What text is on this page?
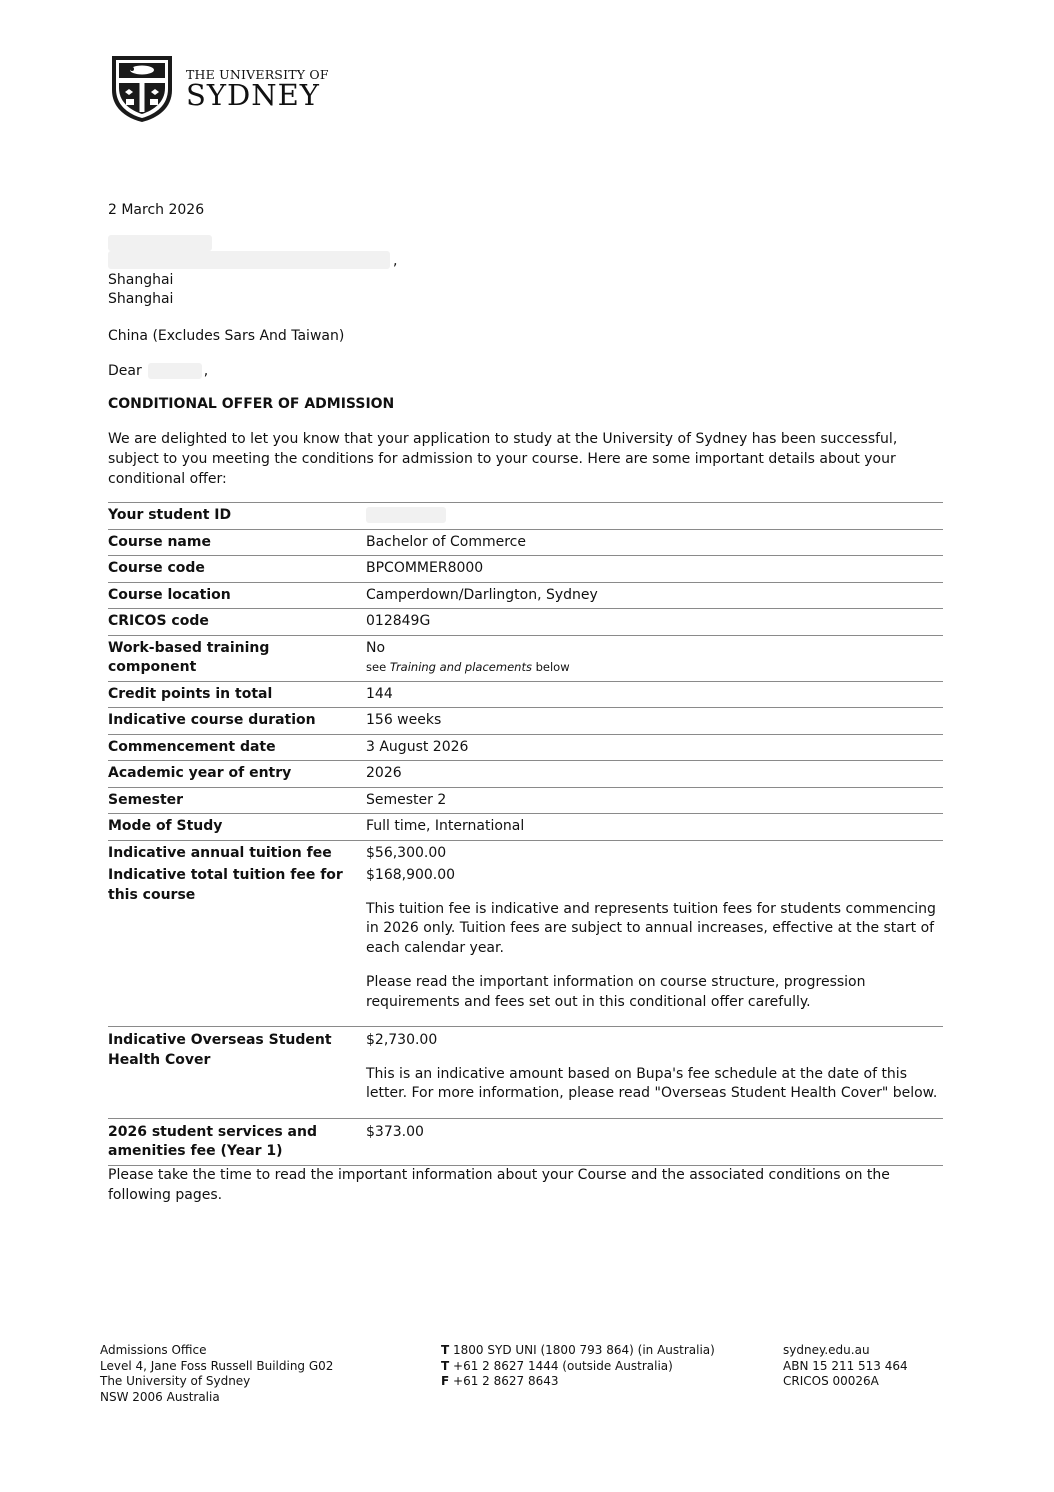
THE UNIVERSITY OF
SYDNEY
2 March 2026
,
Shanghai
Shanghai
China (Excludes Sars And Taiwan)
Dear	,
CONDITIONAL OFFER OF ADMISSION
We are delighted to let you know that your application to study at the University of Sydney has been successful, subject to you meeting the conditions for admission to your course. Here are some important details about your conditional offer:
Your student ID	
Course name	Bachelor of Commerce
Course code	BPCOMMER8000
Course location	Camperdown/Darlington, Sydney
CRICOS code	012849G
Work-based training component	No
see Training and placements below

Credit points in total	144
Indicative course duration	156 weeks
Commencement date	3 August 2026
Academic year of entry	2026
Semester	Semester 2
Mode of Study	Full time, International
Indicative annual tuition fee	$56,300.00
Indicative total tuition fee for this course	$168,900.00
This tuition fee is indicative and represents tuition fees for students commencing in 2026 only. Tuition fees are subject to annual increases, effective at the start of each calendar year.
Please read the important information on course structure, progression requirements and fees set out in this conditional offer carefully.

Indicative Overseas Student Health Cover	$2,730.00
This is an indicative amount based on Bupa's fee schedule at the date of this letter. For more information, please read "Overseas Student Health Cover" below.

2026 student services and amenities fee (Year 1)	$373.00
Please take the time to read the important information about your Course and the associated conditions on the following pages.
Admissions Office
Level 4, Jane Foss Russell Building G02
The University of Sydney
NSW 2006 Australia
T 1800 SYD UNI (1800 793 864) (in Australia)
T +61 2 8627 1444 (outside Australia)
F +61 2 8627 8643
sydney.edu.au
ABN 15 211 513 464
CRICOS 00026A
